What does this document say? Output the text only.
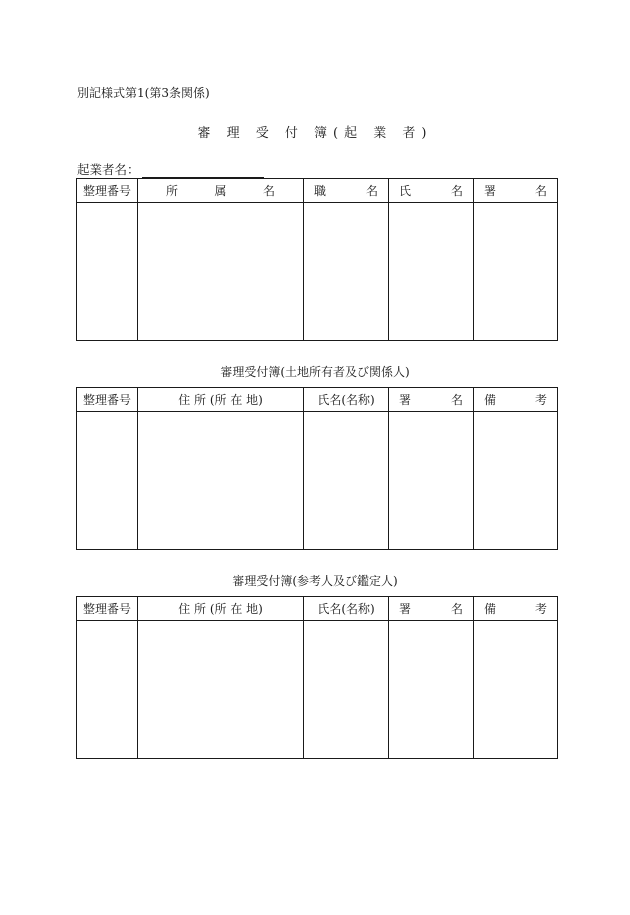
別記様式第1(第3条関係)
審 理 受 付 簿(起 業 者)
起業者名：
整理番号	所 属 名	職 名	氏 名	署 名

審理受付簿(土地所有者及び関係人)
整理番号	住 所 (所 在 地)	氏名(名称)	署 名	備 考

審理受付簿(参考人及び鑑定人)
整理番号	住 所 (所 在 地)	氏名(名称)	署 名	備 考
